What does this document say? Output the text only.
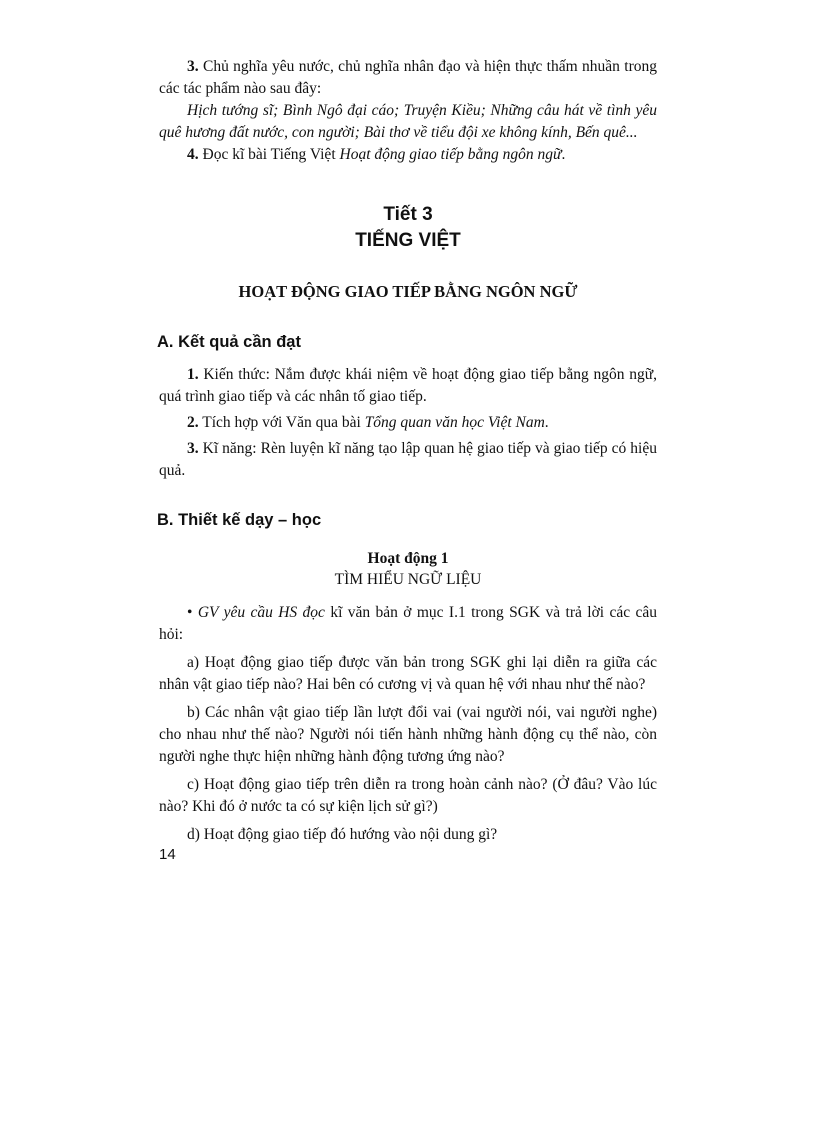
3. Chủ nghĩa yêu nước, chủ nghĩa nhân đạo và hiện thực thấm nhuần trong các tác phẩm nào sau đây:

Hịch tướng sĩ; Bình Ngô đại cáo; Truyện Kiều; Những câu hát về tình yêu quê hương đất nước, con người; Bài thơ về tiểu đội xe không kính, Bến quê...

4. Đọc kĩ bài Tiếng Việt Hoạt động giao tiếp bằng ngôn ngữ.

Tiết 3
TIẾNG VIỆT
HOẠT ĐỘNG GIAO TIẾP BẰNG NGÔN NGỮ
A. Kết quả cần đạt

1. Kiến thức: Nắm được khái niệm về hoạt động giao tiếp bằng ngôn ngữ, quá trình giao tiếp và các nhân tố giao tiếp.

2. Tích hợp với Văn qua bài Tổng quan văn học Việt Nam.

3. Kĩ năng: Rèn luyện kĩ năng tạo lập quan hệ giao tiếp và giao tiếp có hiệu quả.

B. Thiết kế dạy – học
Hoạt động 1
TÌM HIỂU NGỮ LIỆU

• GV yêu cầu HS đọc kĩ văn bản ở mục I.1 trong SGK và trả lời các câu hỏi:

a) Hoạt động giao tiếp được văn bản trong SGK ghi lại diễn ra giữa các nhân vật giao tiếp nào? Hai bên có cương vị và quan hệ với nhau như thế nào?

b) Các nhân vật giao tiếp lần lượt đổi vai (vai người nói, vai người nghe) cho nhau như thế nào? Người nói tiến hành những hành động cụ thể nào, còn người nghe thực hiện những hành động tương ứng nào?

c) Hoạt động giao tiếp trên diễn ra trong hoàn cảnh nào? (Ở đâu? Vào lúc nào? Khi đó ở nước ta có sự kiện lịch sử gì?)

d) Hoạt động giao tiếp đó hướng vào nội dung gì?

14
